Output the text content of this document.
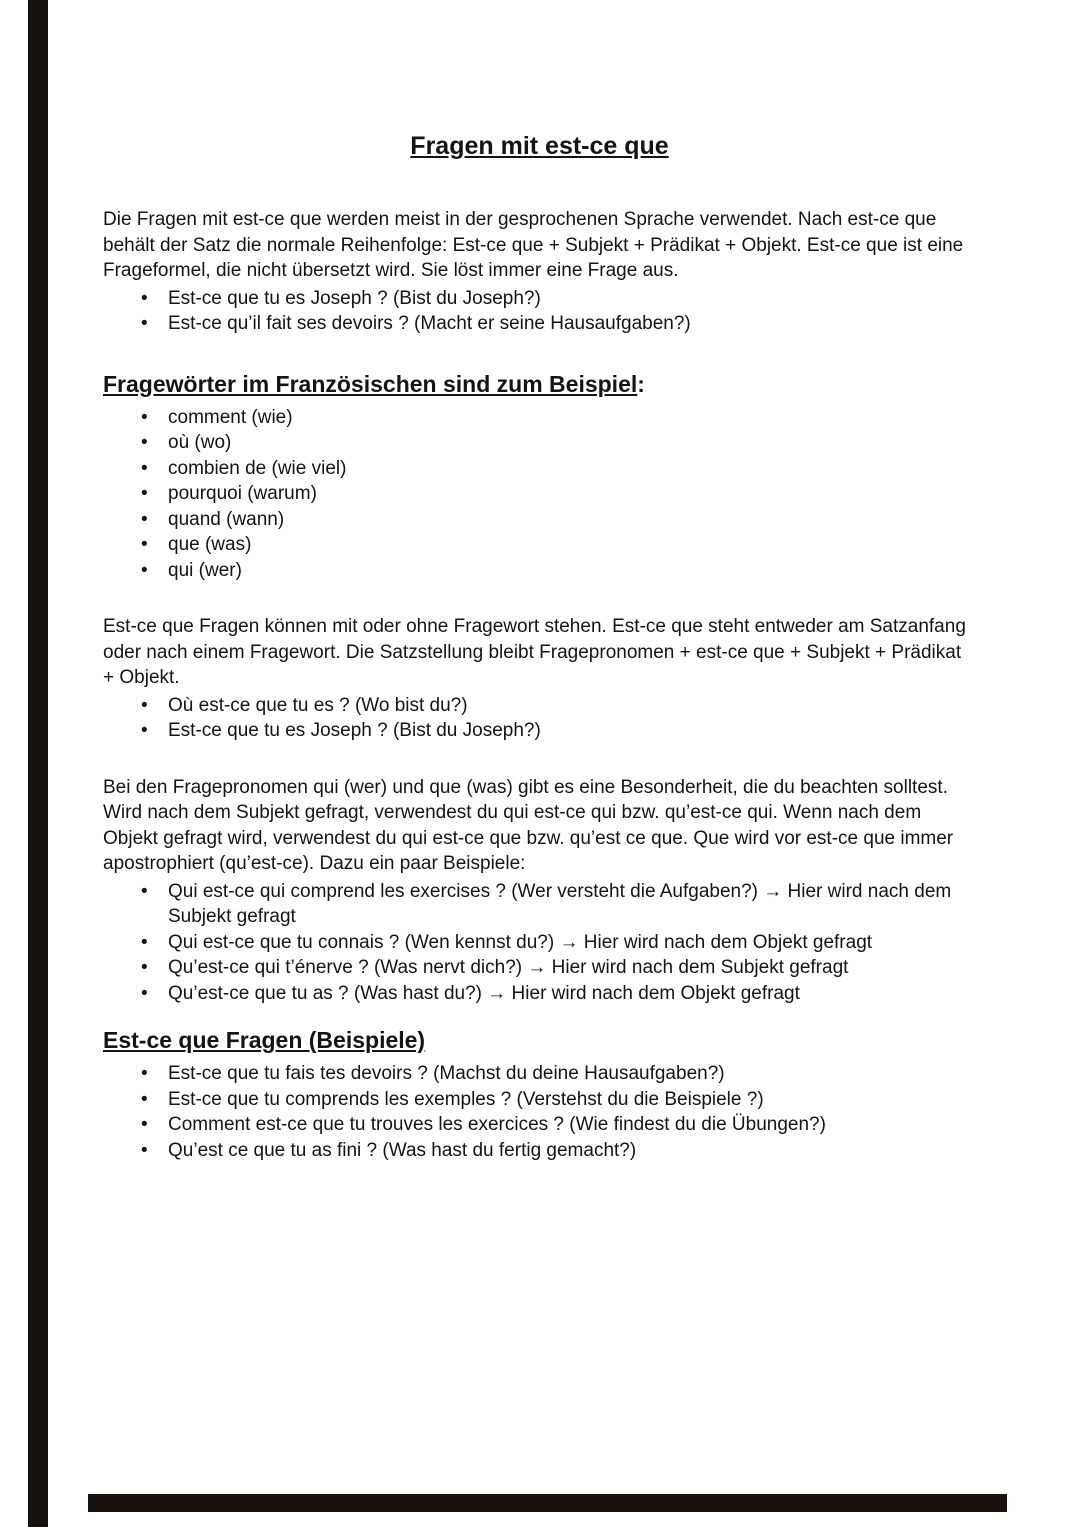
Fragen mit est-ce que

Die Fragen mit est-ce que werden meist in der gesprochenen Sprache verwendet. Nach est-ce que behält der Satz die normale Reihenfolge: Est-ce que + Subjekt + Prädikat + Objekt. Est-ce que ist eine Frageformel, die nicht übersetzt wird. Sie löst immer eine Frage aus.

• Est-ce que tu es Joseph ? (Bist du Joseph?)
• Est-ce qu’il fait ses devoirs ? (Macht er seine Hausaufgaben?)
Fragewörter im Französischen sind zum Beispiel:
• comment (wie)
• où (wo)
• combien de (wie viel)
• pourquoi (warum)
• quand (wann)
• que (was)
• qui (wer)

Est-ce que Fragen können mit oder ohne Fragewort stehen. Est-ce que steht entweder am Satzanfang oder nach einem Fragewort. Die Satzstellung bleibt Fragepronomen + est-ce que + Subjekt + Prädikat + Objekt.

• Où est-ce que tu es ? (Wo bist du?)
• Est-ce que tu es Joseph ? (Bist du Joseph?)

Bei den Fragepronomen qui (wer) und que (was) gibt es eine Besonderheit, die du beachten solltest. Wird nach dem Subjekt gefragt, verwendest du qui est-ce qui bzw. qu’est-ce qui. Wenn nach dem Objekt gefragt wird, verwendest du qui est-ce que bzw. qu’est ce que. Que wird vor est-ce que immer apostrophiert (qu’est-ce). Dazu ein paar Beispiele:

• Qui est-ce qui comprend les exercises ? (Wer versteht die Aufgaben?) → Hier wird nach dem Subjekt gefragt
• Qui est-ce que tu connais ? (Wen kennst du?) → Hier wird nach dem Objekt gefragt
• Qu’est-ce qui t’énerve ? (Was nervt dich?) → Hier wird nach dem Subjekt gefragt
• Qu’est-ce que tu as ? (Was hast du?) → Hier wird nach dem Objekt gefragt
Est-ce que Fragen (Beispiele)
• Est-ce que tu fais tes devoirs ? (Machst du deine Hausaufgaben?)
• Est-ce que tu comprends les exemples ? (Verstehst du die Beispiele ?)
• Comment est-ce que tu trouves les exercices ? (Wie findest du die Übungen?)
• Qu’est ce que tu as fini ? (Was hast du fertig gemacht?)
